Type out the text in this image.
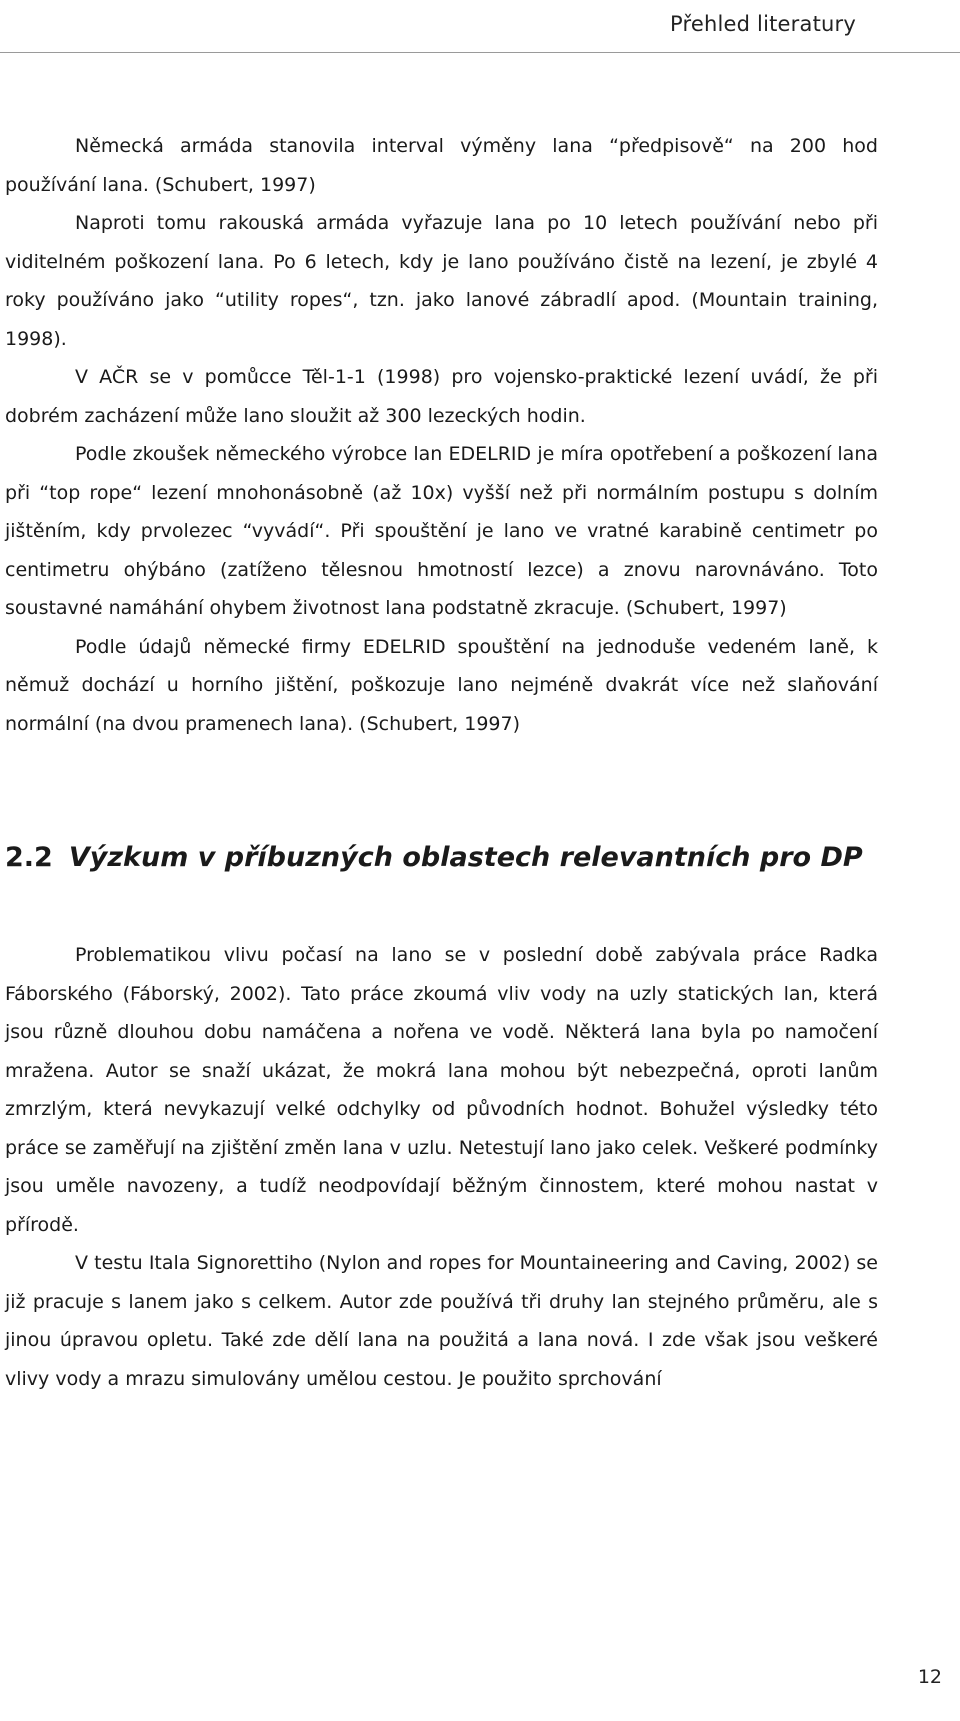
Přehled literatury

Německá armáda stanovila interval výměny lana “předpisově“ na 200 hod používání lana. (Schubert, 1997)

Naproti tomu rakouská armáda vyřazuje lana po 10 letech používání nebo při viditelném poškození lana. Po 6 letech, kdy je lano používáno čistě na lezení, je zbylé 4 roky používáno jako “utility ropes“, tzn. jako lanové zábradlí apod. (Mountain training, 1998).

V AČR se v pomůcce Těl-1-1 (1998) pro vojensko-praktické lezení uvádí, že při dobrém zacházení může lano sloužit až 300 lezeckých hodin.

Podle zkoušek německého výrobce lan EDELRID je míra opotřebení a poškození lana při “top rope“ lezení mnohonásobně (až 10x) vyšší než při normálním postupu s dolním jištěním, kdy prvolezec “vyvádí“. Při spouštění je lano ve vratné karabině centimetr po centimetru ohýbáno (zatíženo tělesnou hmotností lezce) a znovu narovnáváno. Toto soustavné namáhání ohybem životnost lana podstatně zkracuje. (Schubert, 1997)

Podle údajů německé firmy EDELRID spouštění na jednoduše vedeném laně, k němuž dochází u horního jištění, poškozuje lano nejméně dvakrát více než slaňování normální (na dvou pramenech lana). (Schubert, 1997)

2.2 Výzkum v příbuzných oblastech relevantních pro DP

Problematikou vlivu počasí na lano se v poslední době zabývala práce Radka Fáborského (Fáborský, 2002). Tato práce zkoumá vliv vody na uzly statických lan, která jsou různě dlouhou dobu namáčena a nořena ve vodě. Některá lana byla po namočení mražena. Autor se snaží ukázat, že mokrá lana mohou být nebezpečná, oproti lanům zmrzlým, která nevykazují velké odchylky od původních hodnot. Bohužel výsledky této práce se zaměřují na zjištění změn lana v uzlu. Netestují lano jako celek. Veškeré podmínky jsou uměle navozeny, a tudíž neodpovídají běžným činnostem, které mohou nastat v přírodě.

V testu Itala Signorettiho (Nylon and ropes for Mountaineering and Caving, 2002) se již pracuje s lanem jako s celkem. Autor zde používá tři druhy lan stejného průměru, ale s jinou úpravou opletu. Také zde dělí lana na použitá a lana nová. I zde však jsou veškeré vlivy vody a mrazu simulovány umělou cestou. Je použito sprchování

12
